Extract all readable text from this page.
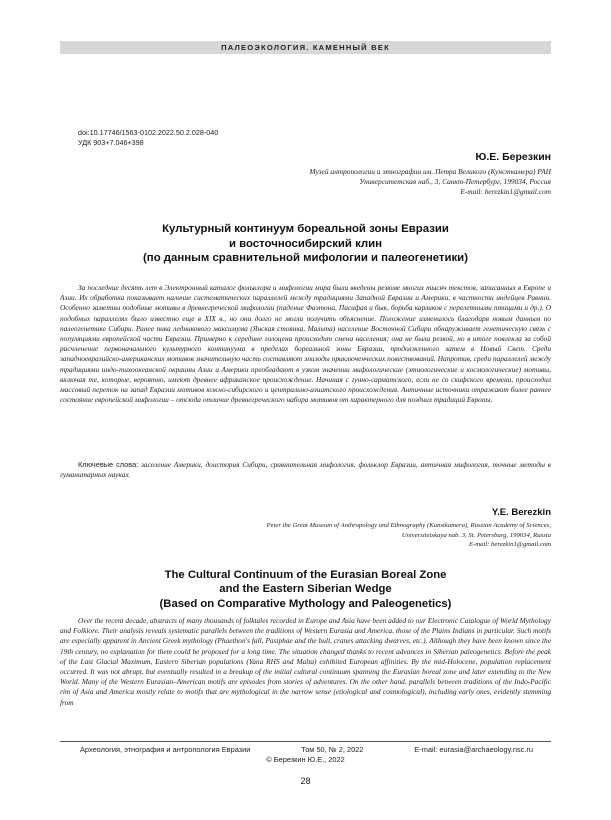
ПАЛЕОЭКОЛОГИЯ. КАМЕННЫЙ ВЕК
doi:10.17746/1563-0102.2022.50.2.028-040
УДК 903+7.046+398
Ю.Е. Березкин
Музей антропологии и этнографии им. Петра Великого (Кунсткамера) РАН
Университетская наб., 3, Санкт-Петербург, 199034, Россия
E-mail: berezkin1@gmail.com
Культурный континуум бореальной зоны Евразии
и восточносибирский клин
(по данным сравнительной мифологии и палеогенетики)

За последние десять лет в Электронный каталог фольклора и мифологии мира были введены резюме многих тысяч текстов, записанных в Европе и Азии. Их обработка показывает наличие систематических параллелей между традициями Западной Евразии и Америки, в частности индейцев Равнин. Особенно заметны подобные мотивы в древнегреческой мифологии (падение Фаэтона, Пасифая и бык, борьба карликов с перелетными птицами и др.). О подобных параллелях было известно еще в XIX в., но они долго не могли получить объяснение. Положение изменилось благодаря новым данным по палеогенетике Сибири. Ранее пика ледникового максимума (Янская стоянка, Мальта) население Восточной Сибири обнаруживает генетическую связь с популяциями европейской части Евразии. Примерно к середине голоцена происходит смена населения; она не была резкой, но в итоге повлекла за собой расчленение первоначального культурного континуума в пределах бореальной зоны Евразии, продолженного затем в Новый Свет. Среди западноевразийско-американских мотивов значительную часть составляют эпизоды приключенческих повествований. Напротив, среди параллелей между традициями индо-тихоокеанской окраины Азии и Америки преобладают в узком значении мифологические (этиологические и космологические) мотивы, включая те, которые, вероятно, имеют древнее африканское происхождение. Начиная с гунно-сарматского, если не со скифского времени, происходил массовый переток на запад Евразии мотивов южно-сибирского и центрально-азиатского происхождения. Античные источники отражают более раннее состояние европейской мифологии – отсюда отличие древнегреческого набора мотивов от характерного для поздних традиций Европы.

Ключевые слова: заселение Америки, доистория Сибири, сравнительная мифология, фольклор Евразии, античная мифология, точные методы в гуманитарных науках.

Y.E. Berezkin
Peter the Great Museum of Anthropology and Ethnography (Kunstkamera), Russian Academy of Sciences,
Universitetskaya nab. 3, St. Petersburg, 199034, Russia
E-mail: berezkin1@gmail.com
The Cultural Continuum of the Eurasian Boreal Zone
and the Eastern Siberian Wedge
(Based on Comparative Mythology and Paleogenetics)

Over the recent decade, abstracts of many thousands of folktales recorded in Europe and Asia have been added to our Electronic Catalogue of World Mythology and Folklore. Their analysis reveals systematic parallels between the traditions of Western Eurasia and America, those of the Plains Indians in particular. Such motifs are especially apparent in Ancient Greek mythology (Phaethon's fall, Pasiphae and the bull, cranes attacking dwarves, etc.). Although they have been known since the 19th century, no explanation for them could be proposed for a long time. The situation changed thanks to recent advances in Siberian paleogenetics. Before the peak of the Last Glacial Maximum, Eastern Siberian populations (Yana RHS and Malta) exhibited European affinities. By the mid-Holocene, population replacement occurred. It was not abrupt, but eventually resulted in a breakup of the initial cultural continuum spanning the Eurasian boreal zone and later extending to the New World. Many of the Western Eurasian–American motifs are episodes from stories of adventures. On the other hand, parallels between traditions of the Indo-Pacific rim of Asia and America mostly relate to motifs that are mythological in the narrow sense (etiological and cosmological), including early ones, evidently stemming from

Археология, этнография и антропология Евразии	Том 50, № 2, 2022	E-mail: eurasia@archaeology.nsc.ru
© Березкин Ю.Е., 2022
28
